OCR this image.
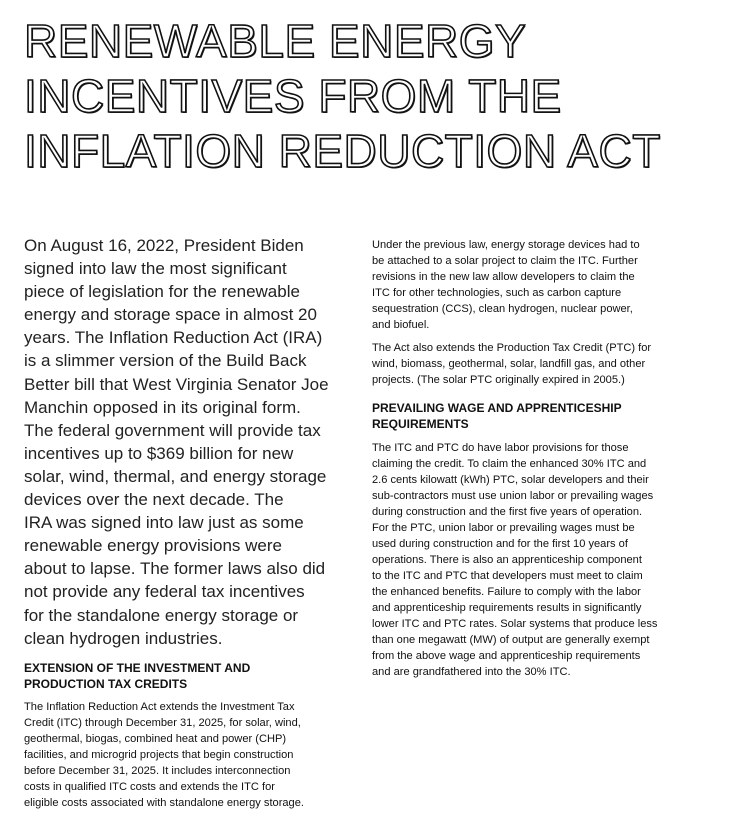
RENEWABLE ENERGY
INCENTIVES FROM THE
INFLATION REDUCTION ACT

On August 16, 2022, President Biden
signed into law the most significant
piece of legislation for the renewable
energy and storage space in almost 20
years. The Inflation Reduction Act (IRA)
is a slimmer version of the Build Back
Better bill that West Virginia Senator Joe
Manchin opposed in its original form.
The federal government will provide tax
incentives up to $369 billion for new
solar, wind, thermal, and energy storage
devices over the next decade. The
IRA was signed into law just as some
renewable energy provisions were
about to lapse. The former laws also did
not provide any federal tax incentives
for the standalone energy storage or
clean hydrogen industries.

EXTENSION OF THE INVESTMENT AND
PRODUCTION TAX CREDITS

The Inflation Reduction Act extends the Investment Tax
Credit (ITC) through December 31, 2025, for solar, wind,
geothermal, biogas, combined heat and power (CHP)
facilities, and microgrid projects that begin construction
before December 31, 2025. It includes interconnection
costs in qualified ITC costs and extends the ITC for
eligible costs associated with standalone energy storage.

Under the previous law, energy storage devices had to
be attached to a solar project to claim the ITC. Further
revisions in the new law allow developers to claim the
ITC for other technologies, such as carbon capture
sequestration (CCS), clean hydrogen, nuclear power,
and biofuel.

The Act also extends the Production Tax Credit (PTC) for
wind, biomass, geothermal, solar, landfill gas, and other
projects. (The solar PTC originally expired in 2005.)

PREVAILING WAGE AND APPRENTICESHIP
REQUIREMENTS

The ITC and PTC do have labor provisions for those
claiming the credit. To claim the enhanced 30% ITC and
2.6 cents kilowatt (kWh) PTC, solar developers and their
sub-contractors must use union labor or prevailing wages
during construction and the first five years of operation.
For the PTC, union labor or prevailing wages must be
used during construction and for the first 10 years of
operations. There is also an apprenticeship component
to the ITC and PTC that developers must meet to claim
the enhanced benefits. Failure to comply with the labor
and apprenticeship requirements results in significantly
lower ITC and PTC rates. Solar systems that produce less
than one megawatt (MW) of output are generally exempt
from the above wage and apprenticeship requirements
and are grandfathered into the 30% ITC.
